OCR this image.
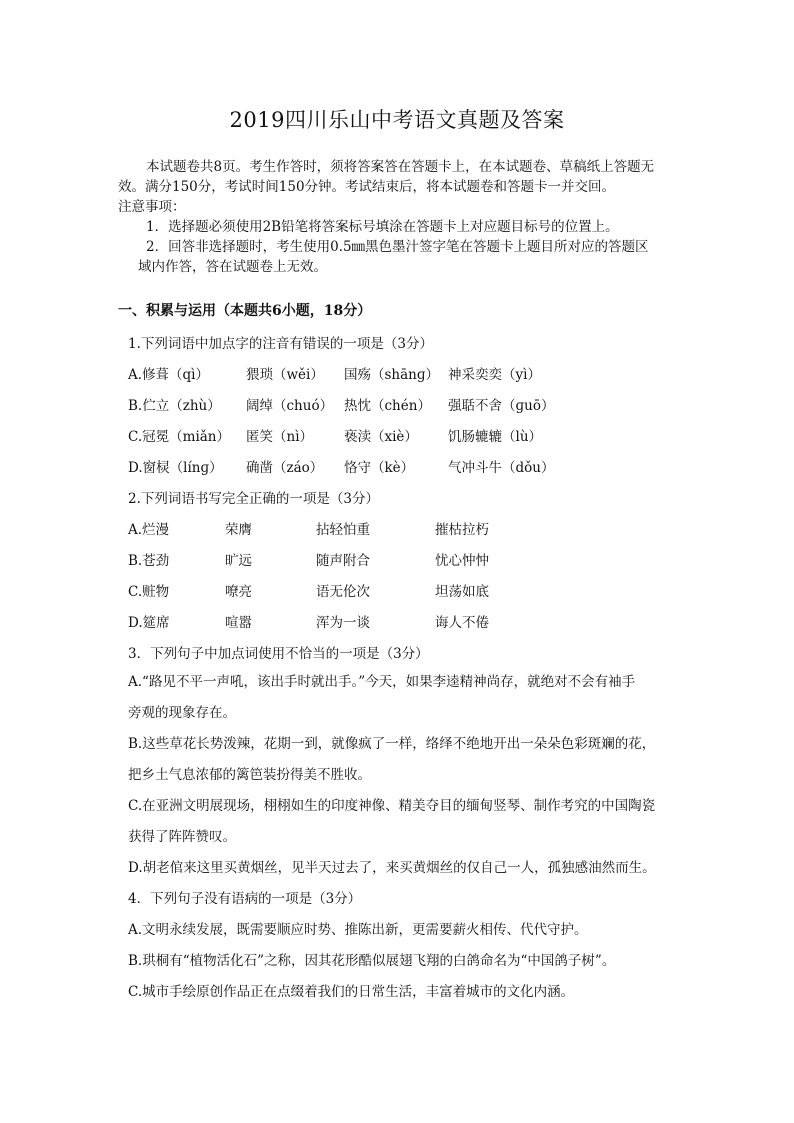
2019四川乐山中考语文真题及答案

本试题卷共8页。考生作答时，须将答案答在答题卡上，在本试题卷、草稿纸上答题无效。满分150分，考试时间150分钟。考试结束后，将本试题卷和答题卡一并交回。

注意事项：

1．选择题必须使用2B铅笔将答案标号填涂在答题卡上对应题目标号的位置上。

2．回答非选择题时，考生使用0.5㎜黑色墨汁签字笔在答题卡上题目所对应的答题区

域内作答，答在试题卷上无效。

一、积累与运用（本题共6小题，18分）
1.下列词语中加点字的注音有错误的一项是（3分）
A.修葺（qì）	猥琐（wěi） 国殇（shānɡ） 神采奕奕（yì）
B.伫立（zhù） 阔绰（chuó） 热忱（chén） 强聒不舍（ɡuō）
C.冠冕（miǎn） 匿笑（nì） 亵渎（xiè） 饥肠辘辘（lù）
D.窗棂（línɡ） 确凿（záo） 恪守（kè）	气冲斗牛（dǒu）
2.下列词语书写完全正确的一项是（3分）
A.烂漫	荣膺	拈轻怕重	摧枯拉朽
B.苍劲	旷远	随声附合	忧心忡忡
C.赃物	嘹亮	语无伦次	坦荡如底
D.筵席	喧嚣	浑为一谈	诲人不倦
3．下列句子中加点词使用不恰当的一项是（3分）

A.“路见不平一声吼，该出手时就出手。”今天，如果李逵精神尚存，就绝对不会有袖手

旁观的现象存在。

B.这些草花长势泼辣，花期一到，就像疯了一样，络绎不绝地开出一朵朵色彩斑斓的花，

把乡土气息浓郁的篱笆装扮得美不胜收。

C.在亚洲文明展现场，栩栩如生的印度神像、精美夺目的缅甸竖琴、制作考究的中国陶瓷

获得了阵阵赞叹。

D.胡老倌来这里买黄烟丝，见半天过去了，来买黄烟丝的仅自己一人，孤独感油然而生。

4．下列句子没有语病的一项是（3分）

A.文明永续发展，既需要顺应时势、推陈出新，更需要薪火相传、代代守护。

B.珙桐有“植物活化石”之称，因其花形酷似展翅飞翔的白鸽命名为“中国鸽子树”。

C.城市手绘原创作品正在点缀着我们的日常生活，丰富着城市的文化内涵。
